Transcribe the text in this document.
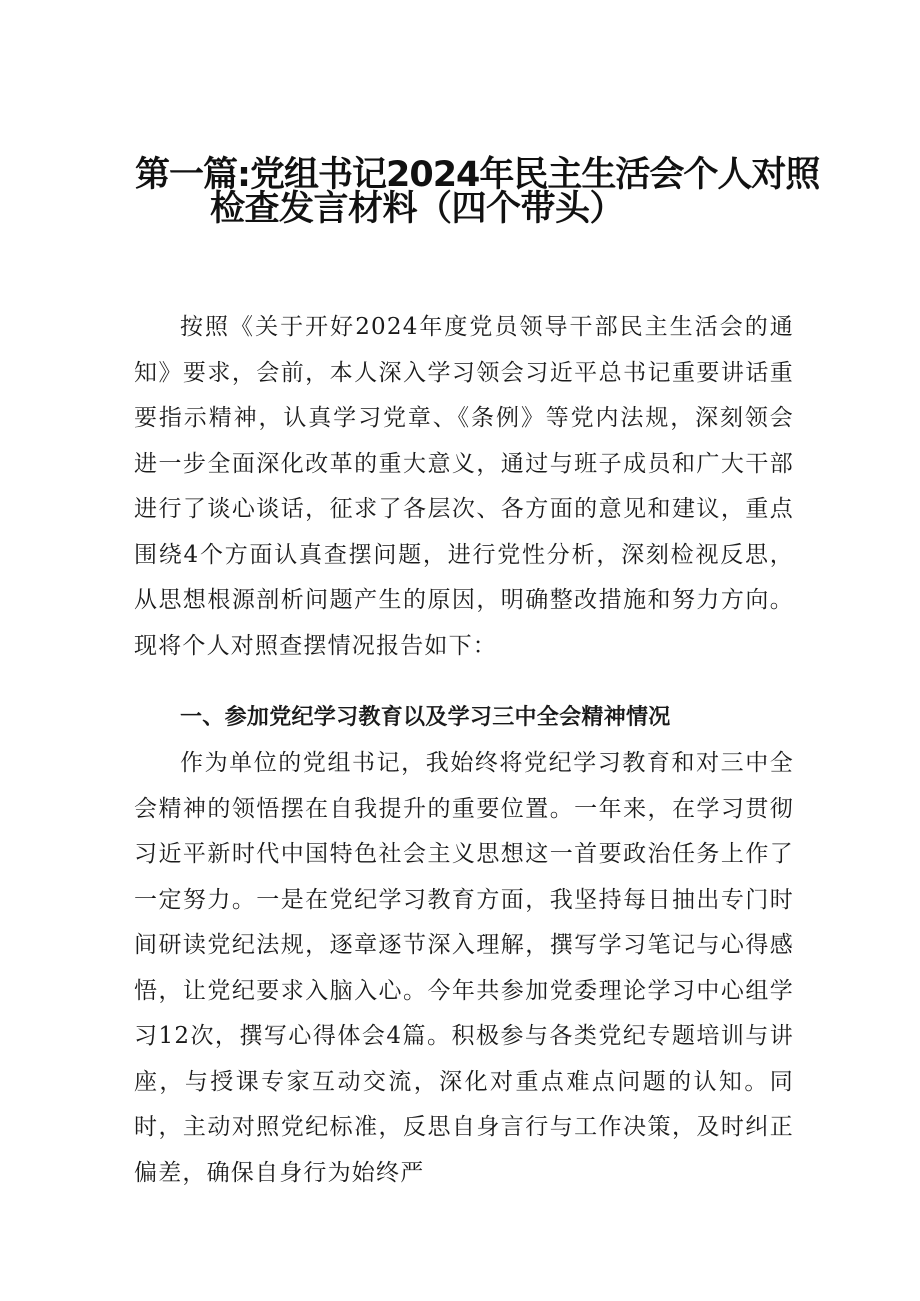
第一篇:党组书记2024年民主生活会个人对照
检查发言材料（四个带头）

按照《关于开好2024年度党员领导干部民主生活会的通知》要求，会前，本人深入学习领会习近平总书记重要讲话重要指示精神，认真学习党章、《条例》等党内法规，深刻领会进一步全面深化改革的重大意义，通过与班子成员和广大干部进行了谈心谈话，征求了各层次、各方面的意见和建议，重点围绕4个方面认真查摆问题，进行党性分析，深刻检视反思，从思想根源剖析问题产生的原因，明确整改措施和努力方向。现将个人对照查摆情况报告如下：

一、参加党纪学习教育以及学习三中全会精神情况

作为单位的党组书记，我始终将党纪学习教育和对三中全会精神的领悟摆在自我提升的重要位置。一年来，在学习贯彻习近平新时代中国特色社会主义思想这一首要政治任务上作了一定努力。一是在党纪学习教育方面，我坚持每日抽出专门时间研读党纪法规，逐章逐节深入理解，撰写学习笔记与心得感悟，让党纪要求入脑入心。今年共参加党委理论学习中心组学习12次，撰写心得体会4篇。积极参与各类党纪专题培训与讲座，与授课专家互动交流，深化对重点难点问题的认知。同时，主动对照党纪标准，反思自身言行与工作决策，及时纠正偏差，确保自身行为始终严
